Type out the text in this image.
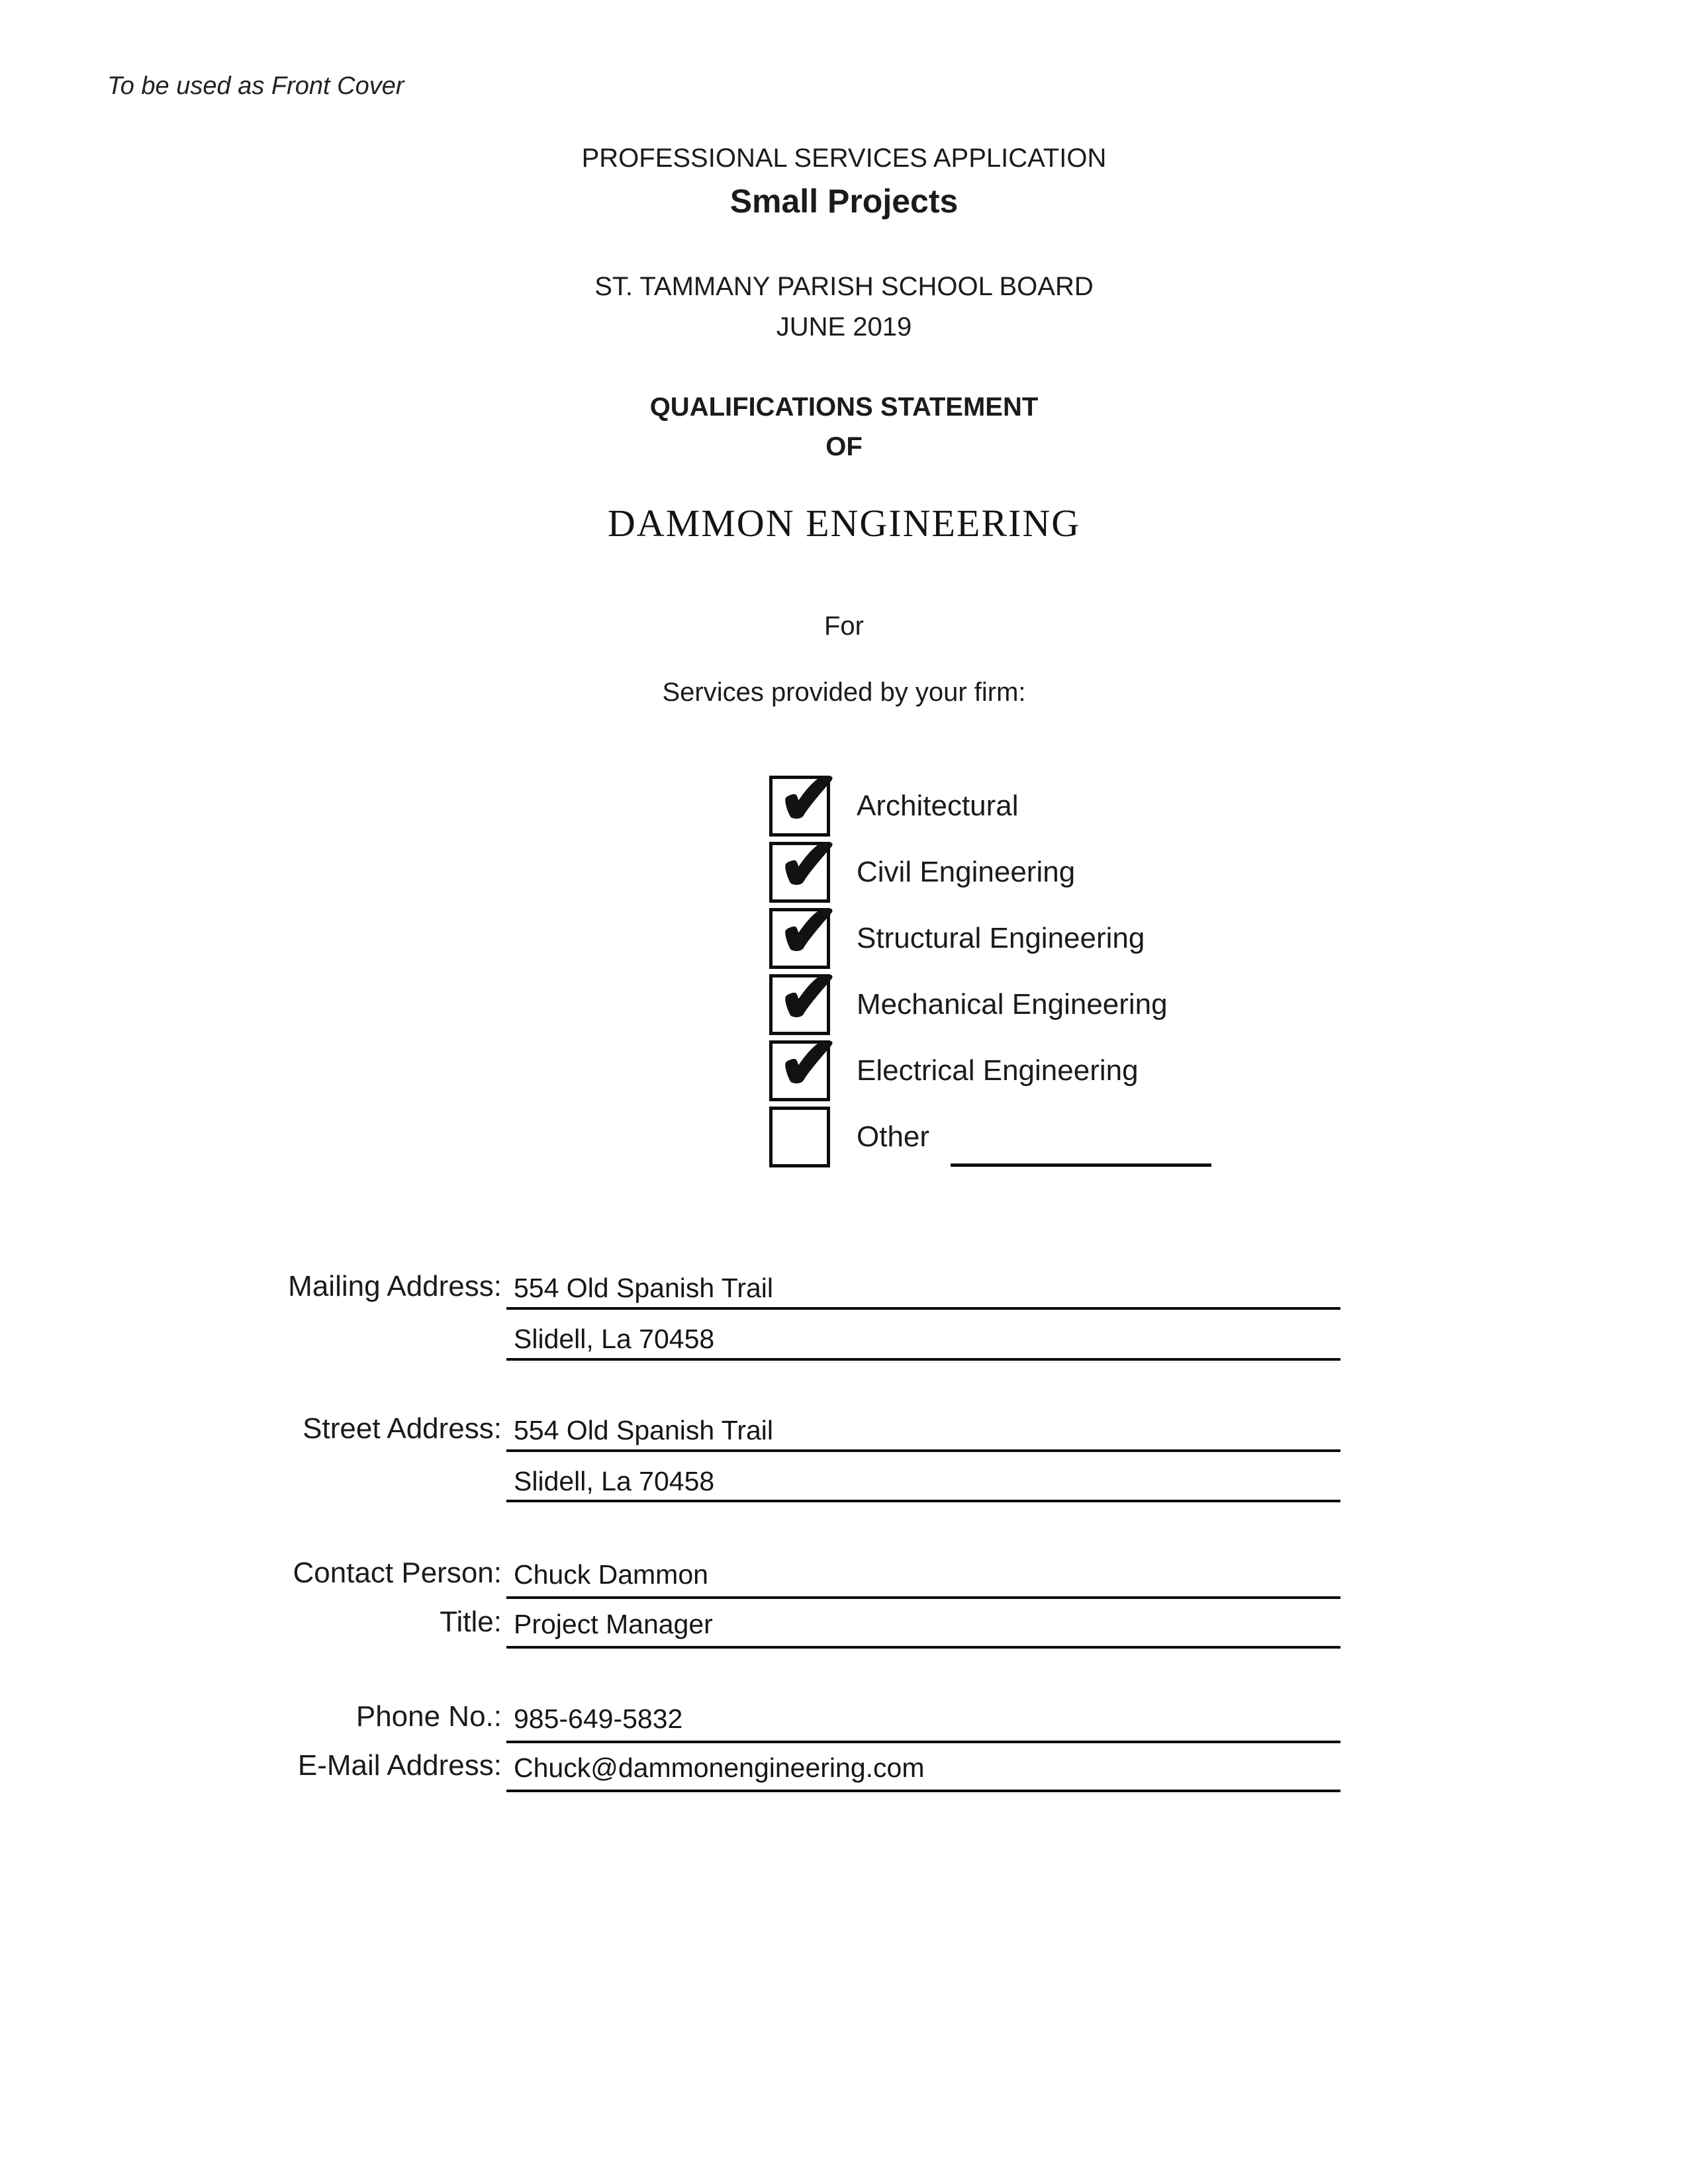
To be used as Front Cover
PROFESSIONAL SERVICES APPLICATION
Small Projects
ST. TAMMANY PARISH SCHOOL BOARD
JUNE 2019
QUALIFICATIONS STATEMENT
OF
DAMMON ENGINEERING
For
Services provided by your firm:
✔ Architectural
✔ Civil Engineering
✔ Structural Engineering
✔ Mechanical Engineering
✔ Electrical Engineering
Other
Mailing Address: 554 Old Spanish Trail
Slidell, La 70458
Street Address: 554 Old Spanish Trail
Slidell, La 70458
Contact Person: Chuck Dammon
Title: Project Manager
Phone No.: 985-649-5832
E-Mail Address: Chuck@dammonengineering.com
